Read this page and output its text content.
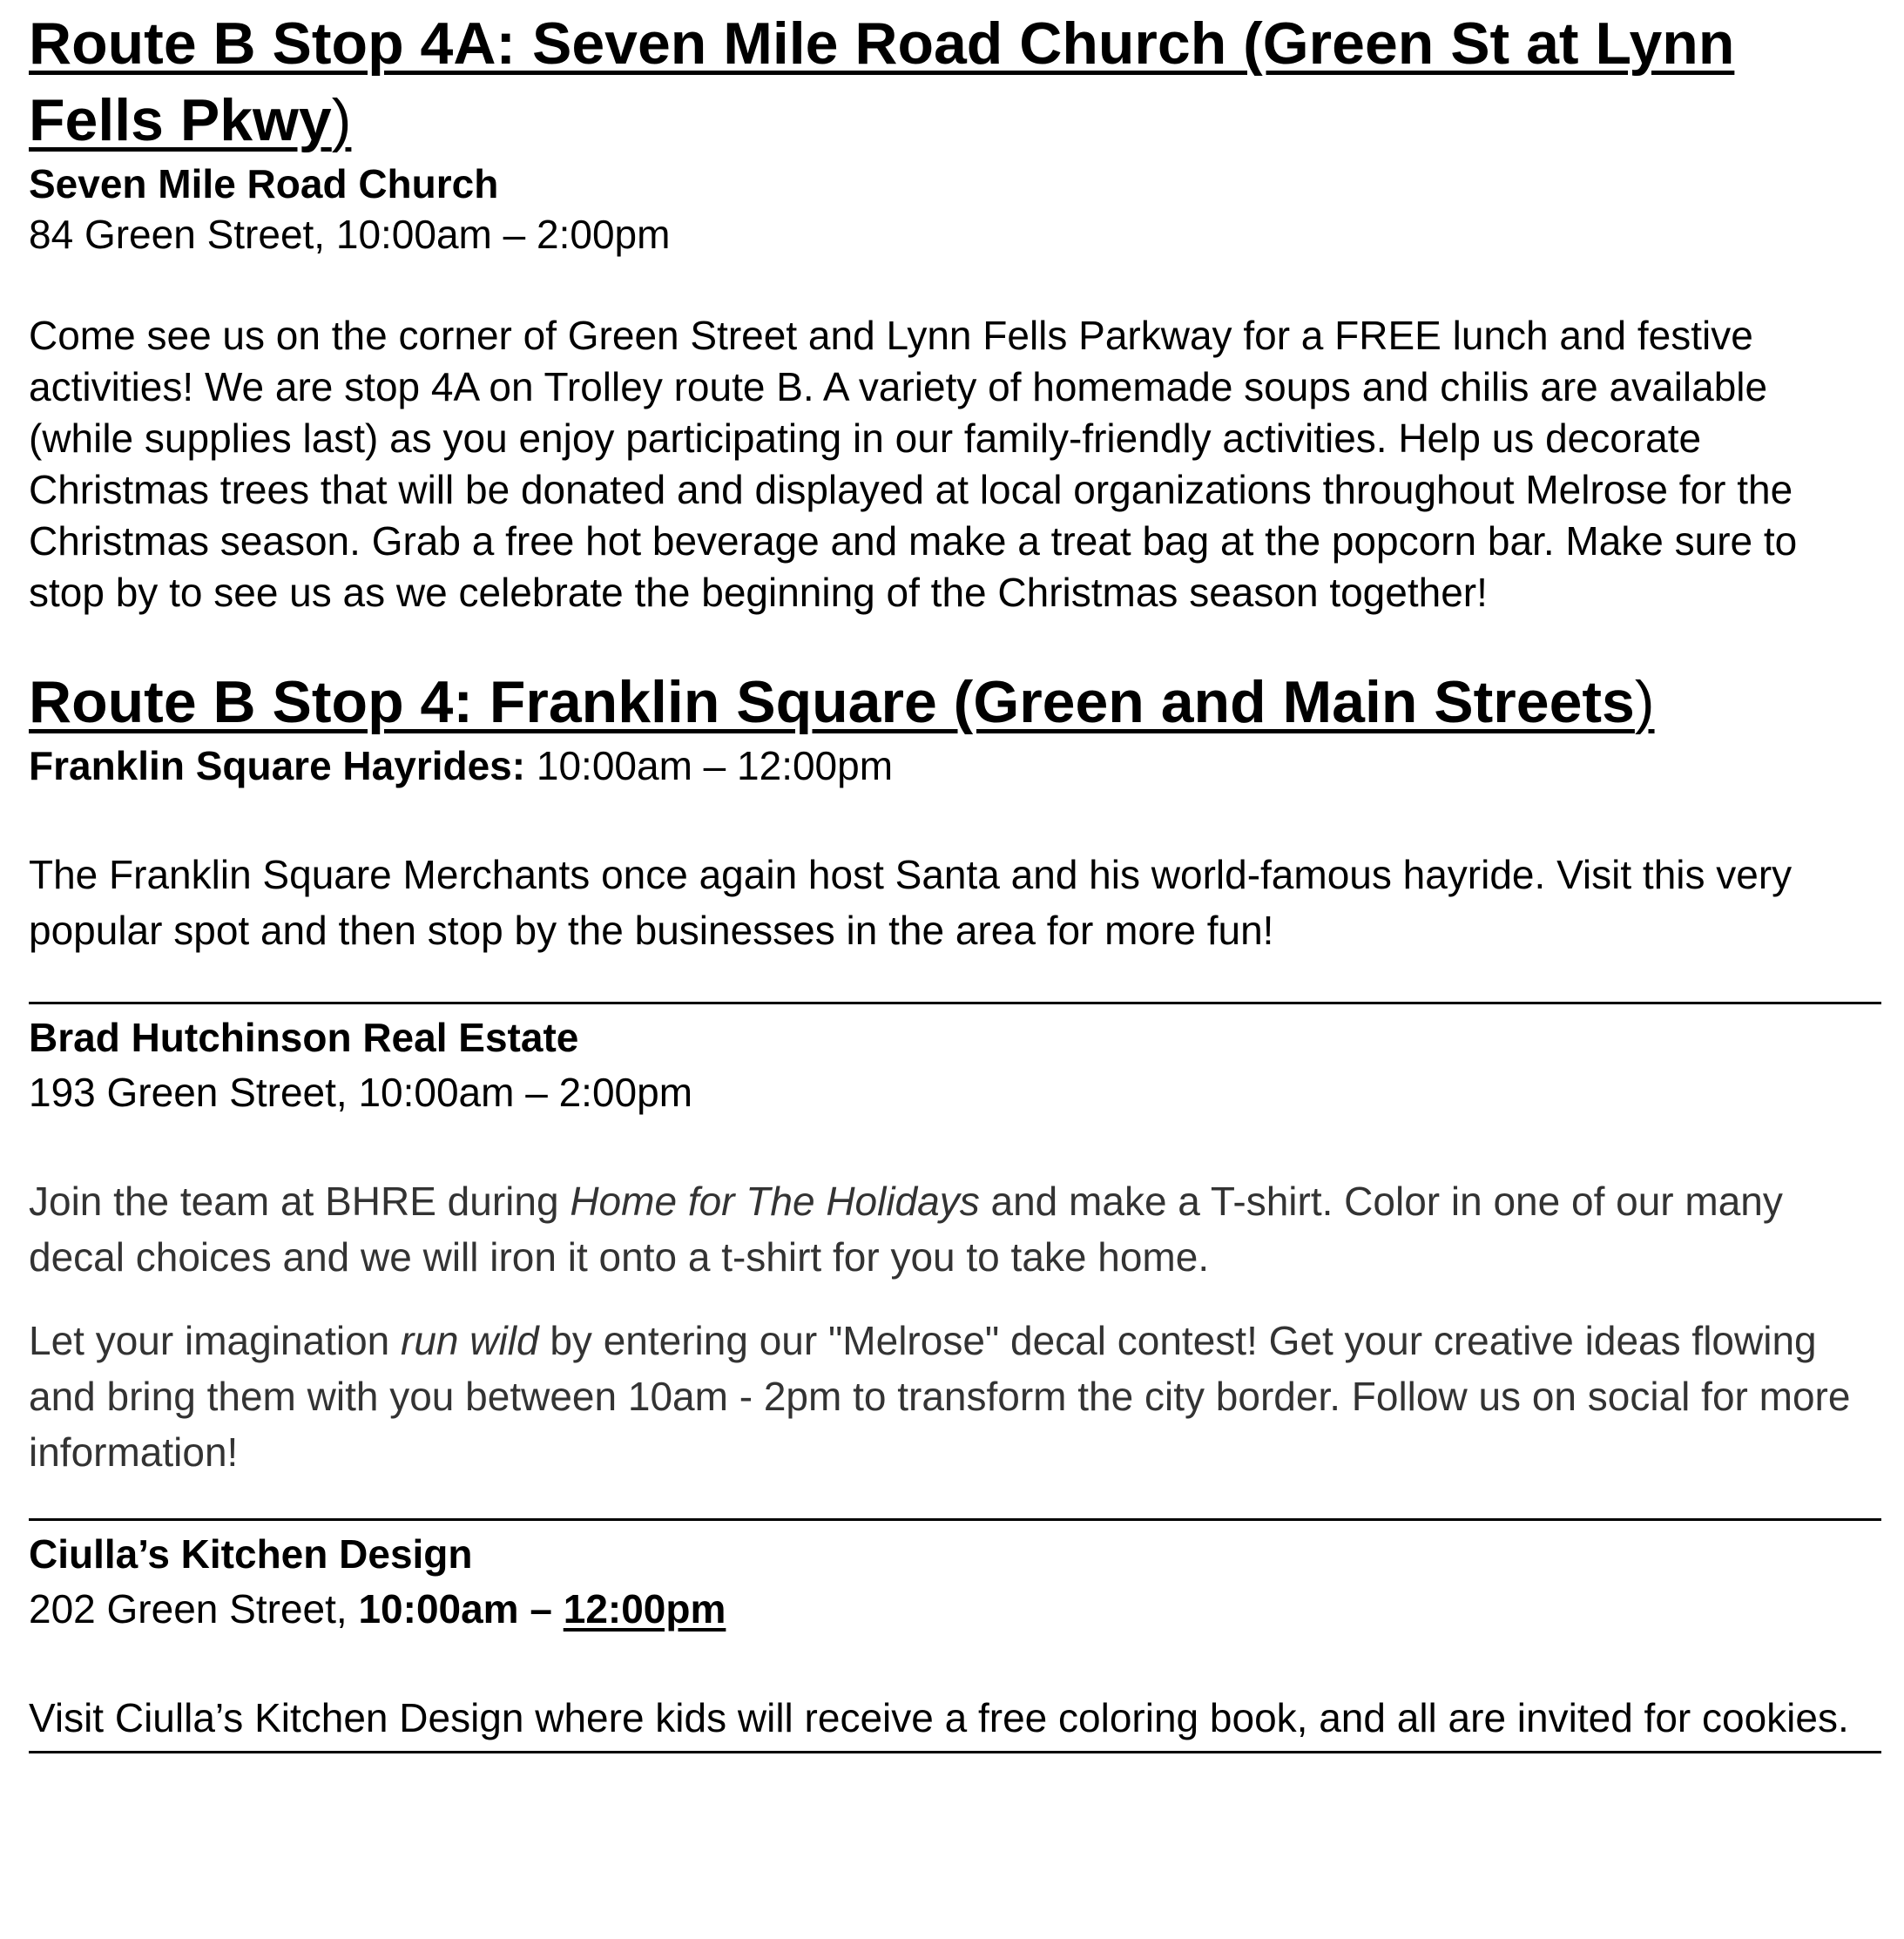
Route B Stop 4A: Seven Mile Road Church (Green St at Lynn Fells Pkwy)

Seven Mile Road Church

84 Green Street, 10:00am – 2:00pm

Come see us on the corner of Green Street and Lynn Fells Parkway for a FREE lunch and festive activities! We are stop 4A on Trolley route B. A variety of homemade soups and chilis are available (while supplies last) as you enjoy participating in our family-friendly activities. Help us decorate Christmas trees that will be donated and displayed at local organizations throughout Melrose for the Christmas season. Grab a free hot beverage and make a treat bag at the popcorn bar. Make sure to stop by to see us as we celebrate the beginning of the Christmas season together!

Route B Stop 4: Franklin Square (Green and Main Streets)

Franklin Square Hayrides: 10:00am – 12:00pm

The Franklin Square Merchants once again host Santa and his world-famous hayride. Visit this very popular spot and then stop by the businesses in the area for more fun!

Brad Hutchinson Real Estate

193 Green Street, 10:00am – 2:00pm

Join the team at BHRE during Home for The Holidays and make a T-shirt. Color in one of our many decal choices and we will iron it onto a t-shirt for you to take home.

Let your imagination run wild by entering our "Melrose" decal contest! Get your creative ideas flowing and bring them with you between 10am - 2pm to transform the city border. Follow us on social for more information!

Ciulla’s Kitchen Design

202 Green Street, 10:00am – 12:00pm

Visit Ciulla’s Kitchen Design where kids will receive a free coloring book, and all are invited for cookies.
